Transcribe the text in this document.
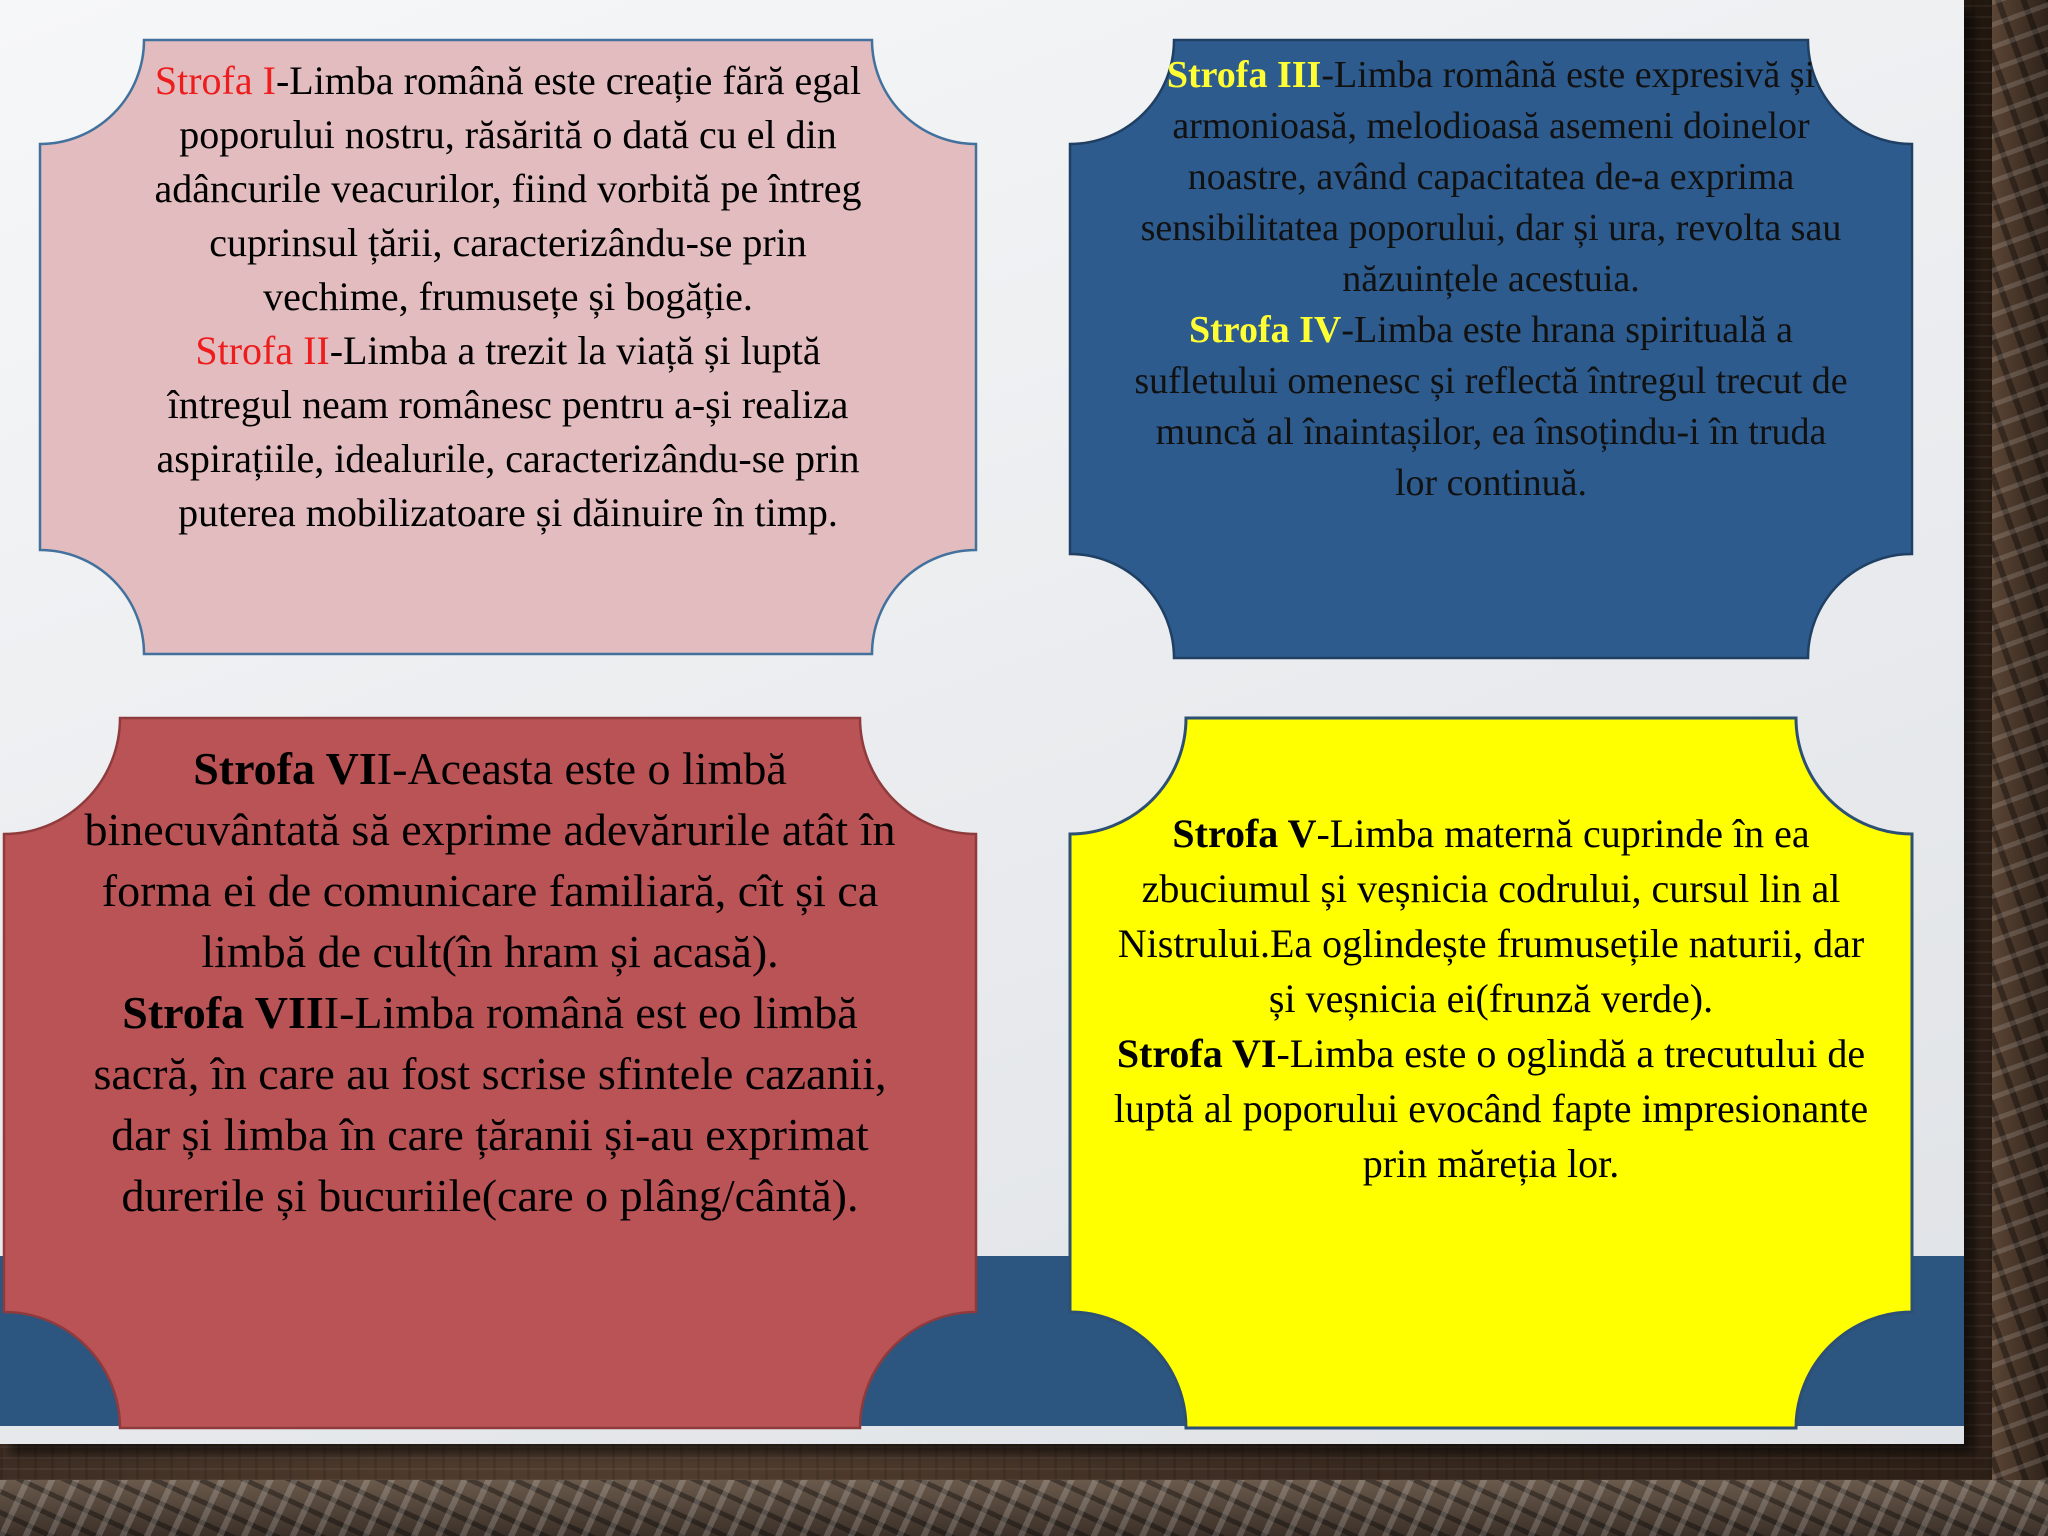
Strofa I-Limba română este creație fără egal poporului nostru, răsărită o dată cu el din adâncurile veacurilor, fiind vorbită pe întreg cuprinsul țării, caracterizându-se prin vechime, frumusețe și bogăție.

Strofa II-Limba a trezit la viață și luptă întregul neam românesc pentru a-și realiza aspirațiile, idealurile, caracterizându-se prin puterea mobilizatoare și dăinuire în timp.

Strofa III-Limba română este expresivă și armonioasă, melodioasă asemeni doinelor noastre, având capacitatea de-a exprima sensibilitatea poporului, dar și ura, revolta sau năzuințele acestuia.

Strofa IV-Limba este hrana spirituală a sufletului omenesc și reflectă întregul trecut de muncă al înaintașilor, ea însoțindu-i în truda lor continuă.

Strofa VII-Aceasta este o limbă binecuvântată să exprime adevărurile atât în forma ei de comunicare familiară, cît și ca limbă de cult(în hram și acasă).

Strofa VIII-Limba română est eo limbă sacră, în care au fost scrise sfintele cazanii, dar și limba în care țăranii și-au exprimat durerile și bucuriile(care o plâng/cântă).

Strofa V-Limba maternă cuprinde în ea zbuciumul și veșnicia codrului, cursul lin al Nistrului.Ea oglindește frumusețile naturii, dar și veșnicia ei(frunză verde).

Strofa VI-Limba este o oglindă a trecutului de luptă al poporului evocând fapte impresionante prin măreția lor.
